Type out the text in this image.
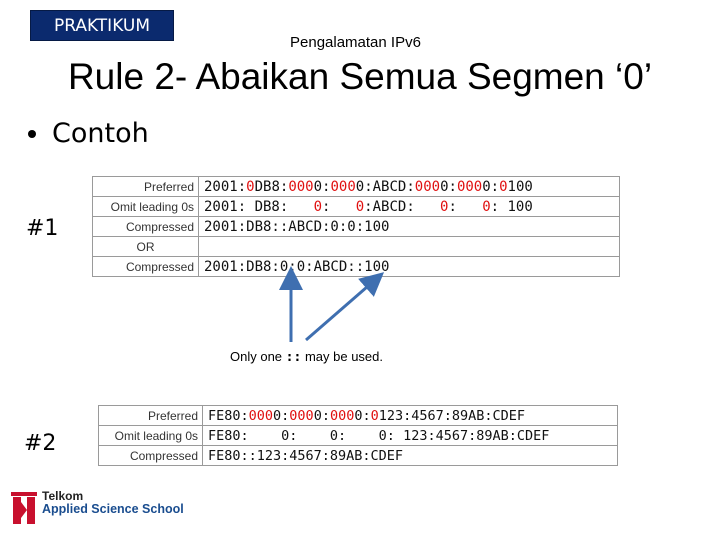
PRAKTIKUM
Pengalamatan IPv6
Rule 2- Abaikan Semua Segmen ‘0’
Contoh
#1
Preferred	2001:0DB8:0000:0000:ABCD:0000:0000:0100
Omit leading 0s	2001: DB8:   0:   0:ABCD:   0:   0: 100
Compressed	2001:DB8::ABCD:0:0:100
OR	
Compressed	2001:DB8:0:0:ABCD::100
Only one :: may be used.
#2
Preferred	FE80:0000:0000:0000:0123:4567:89AB:CDEF
Omit leading 0s	FE80:    0:    0:    0: 123:4567:89AB:CDEF
Compressed	FE80::123:4567:89AB:CDEF
Telkom
Applied Science School
